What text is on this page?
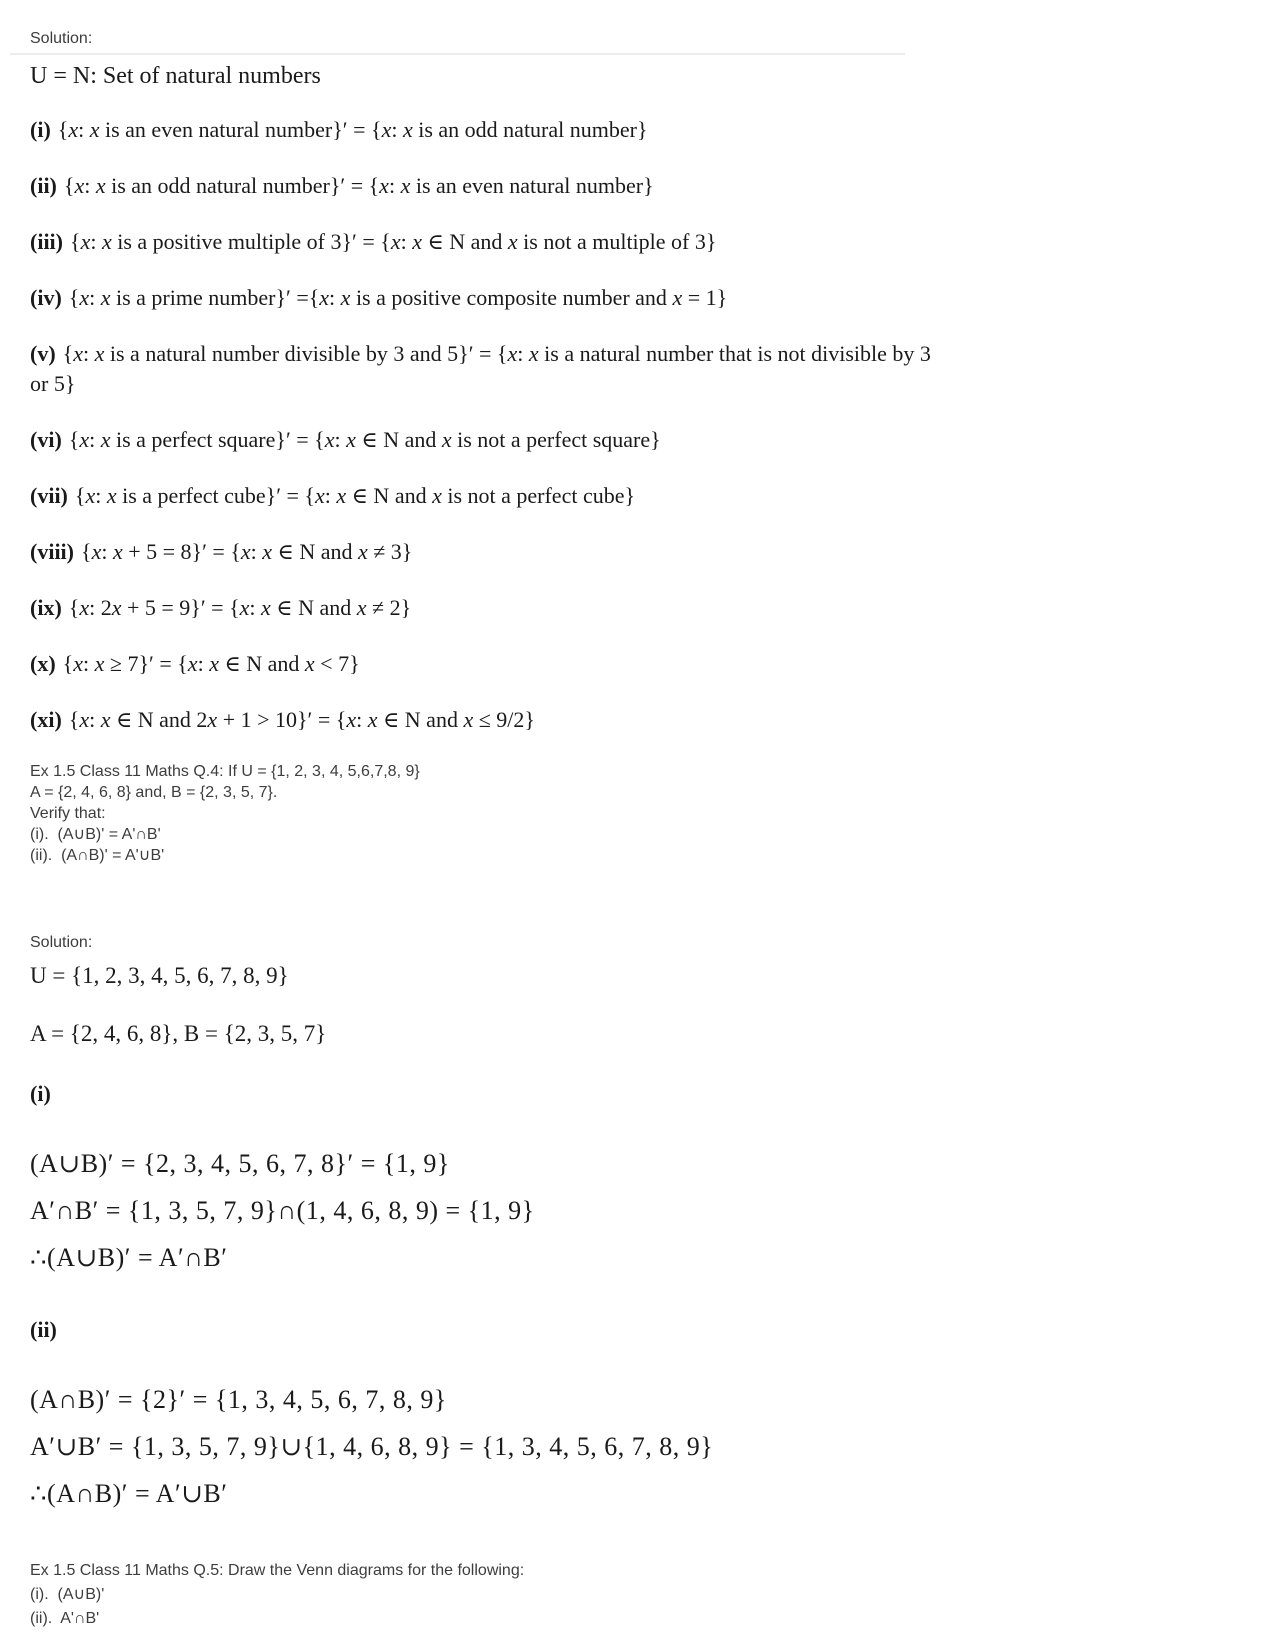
Solution:
U = N: Set of natural numbers
(i) {x: x is an even natural number}′ = {x: x is an odd natural number}
(ii) {x: x is an odd natural number}′ = {x: x is an even natural number}
(iii) {x: x is a positive multiple of 3}′ = {x: x ∈ N and x is not a multiple of 3}
(iv) {x: x is a prime number}′ ={x: x is a positive composite number and x = 1}
(v) {x: x is a natural number divisible by 3 and 5}′ = {x: x is a natural number that is not divisible by 3 or 5}
(vi) {x: x is a perfect square}′ = {x: x ∈ N and x is not a perfect square}
(vii) {x: x is a perfect cube}′ = {x: x ∈ N and x is not a perfect cube}
(viii) {x: x + 5 = 8}′ = {x: x ∈ N and x ≠ 3}
(ix) {x: 2x + 5 = 9}′ = {x: x ∈ N and x ≠ 2}
(x) {x: x ≥ 7}′ = {x: x ∈ N and x < 7}
(xi) {x: x ∈ N and 2x + 1 > 10}′ = {x: x ∈ N and x ≤ 9/2}
Ex 1.5 Class 11 Maths Q.4: If U = {1, 2, 3, 4, 5,6,7,8, 9}
A = {2, 4, 6, 8} and, B = {2, 3, 5, 7}.
Verify that:
(i).  (A∪B)' = A'∩B'
(ii).  (A∩B)' = A'∪B'
Solution:
U = {1, 2, 3, 4, 5, 6, 7, 8, 9}
A = {2, 4, 6, 8}, B = {2, 3, 5, 7}
(i)
(A∪B)′ = {2, 3, 4, 5, 6, 7, 8}′ = {1, 9}
A′∩B′ = {1, 3, 5, 7, 9}∩(1, 4, 6, 8, 9) = {1, 9}
∴(A∪B)′ = A′∩B′
(ii)
(A∩B)′ = {2}′ = {1, 3, 4, 5, 6, 7, 8, 9}
A′∪B′ = {1, 3, 5, 7, 9}∪{1, 4, 6, 8, 9} = {1, 3, 4, 5, 6, 7, 8, 9}
∴(A∩B)′ = A′∪B′
Ex 1.5 Class 11 Maths Q.5: Draw the Venn diagrams for the following:
(i).  (A∪B)'
(ii).  A'∩B'
